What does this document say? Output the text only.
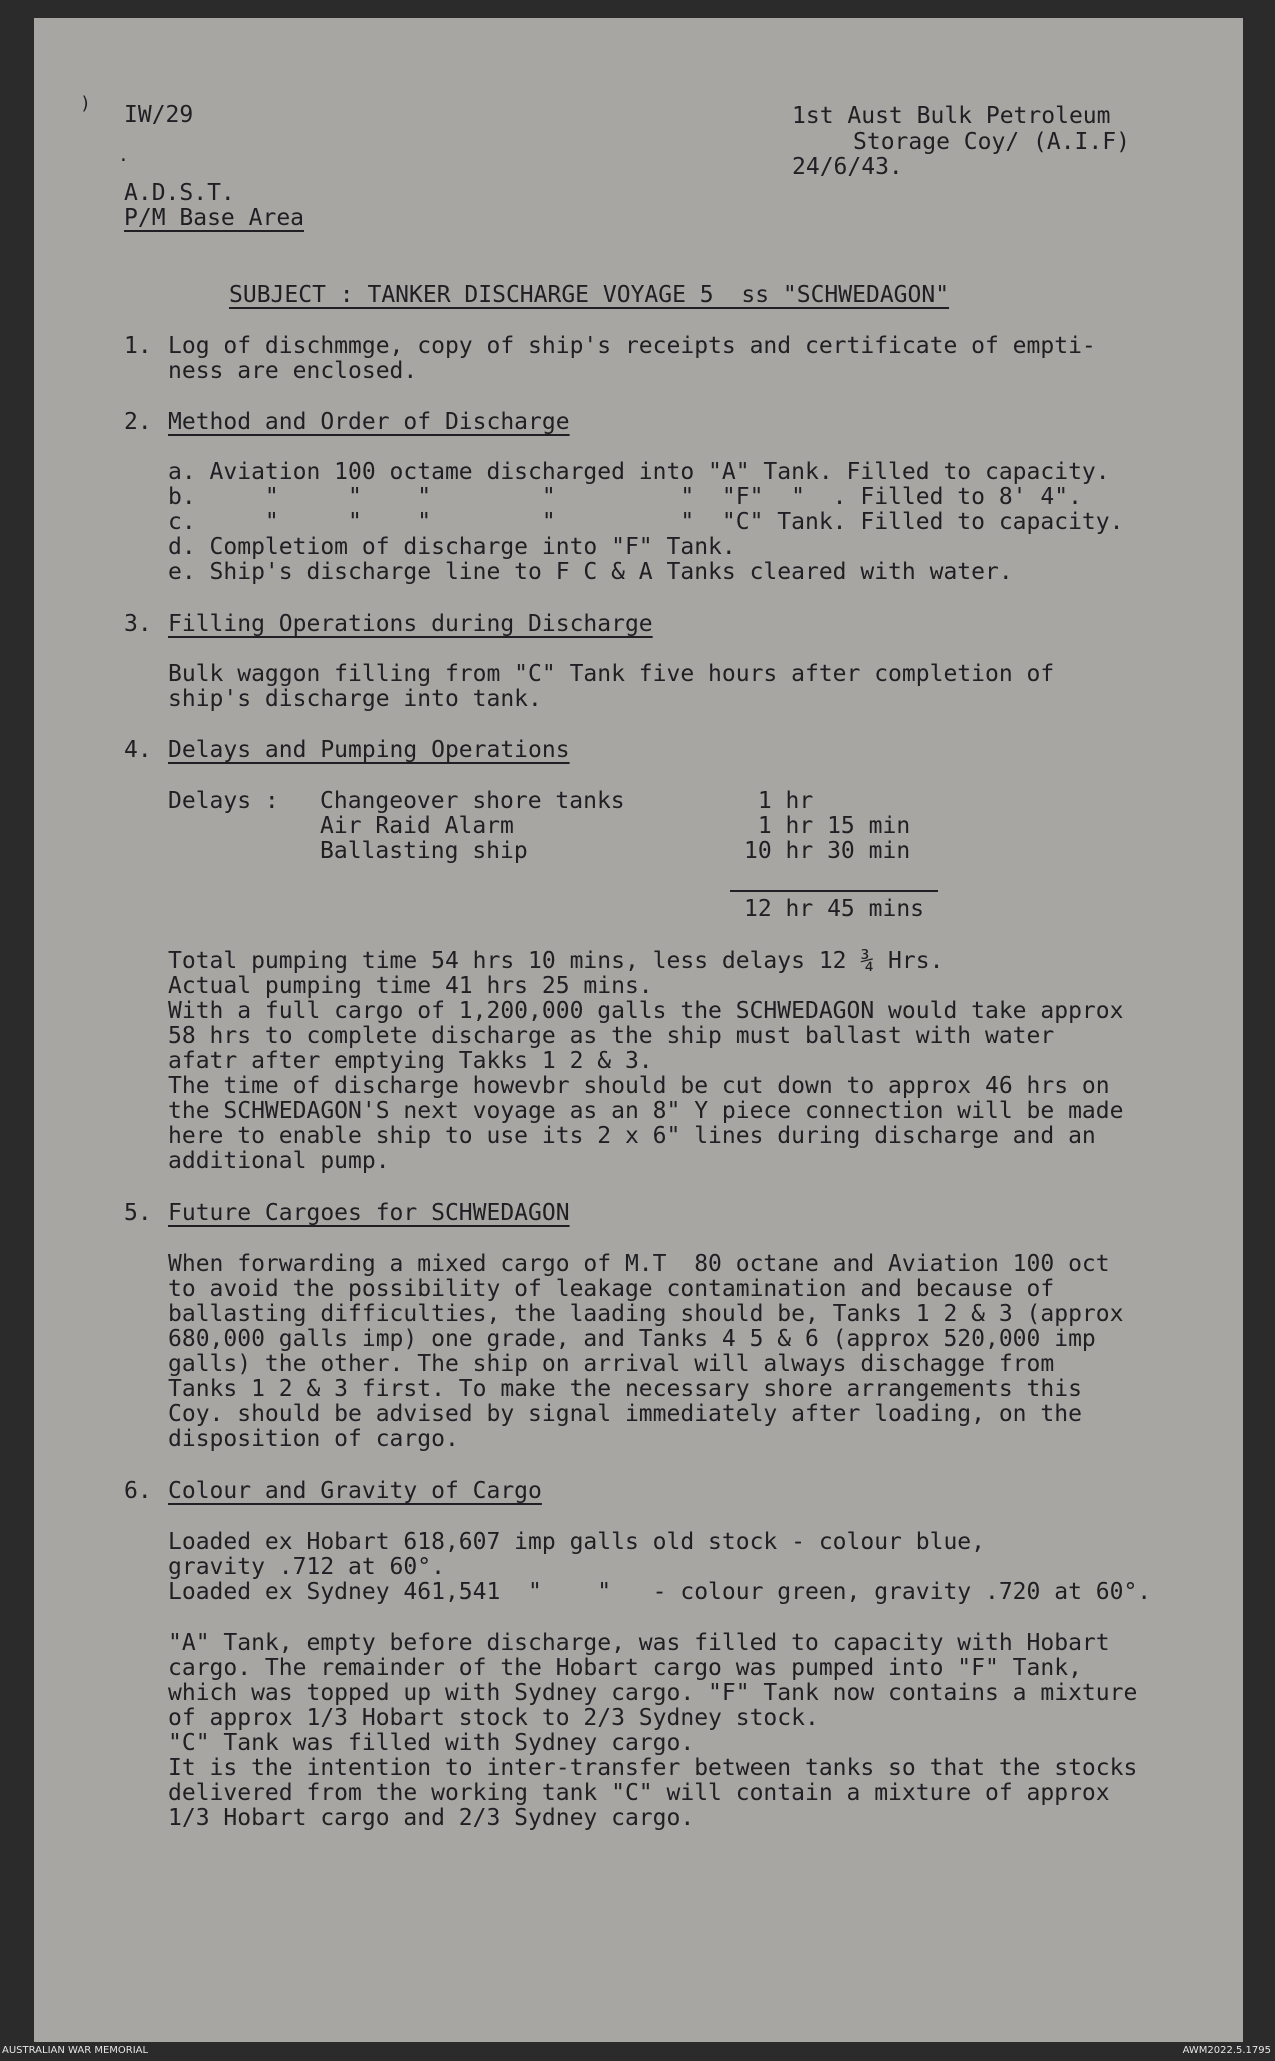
)
.
IW/29	1st Aust Bulk Petroleum
Storage Coy/ (A.I.F)
24/6/43.
A.D.S.T.
P/M Base Area
SUBJECT : TANKER DISCHARGE VOYAGE 5  ss "SCHWEDAGON"
1. Log of dischmmge, copy of ship's receipts and certificate of empti-
ness are enclosed.
2. Method and Order of Discharge
a. Aviation 100 octame discharged into "A" Tank. Filled to capacity.
b.     "     "    "        "         "  "F"  "  . Filled to 8' 4".
c.     "     "    "        "         "  "C" Tank. Filled to capacity.
d. Completiom of discharge into "F" Tank.
e. Ship's discharge line to F C & A Tanks cleared with water.
3. Filling Operations during Discharge
Bulk waggon filling from "C" Tank five hours after completion of
ship's discharge into tank.
4. Delays and Pumping Operations
Delays : Changeover shore tanks	1 hr
Air Raid Alarm	1 hr 15 min
Ballasting ship	10 hr 30 min
12 hr 45 mins
Total pumping time 54 hrs 10 mins, less delays 12 ¾ Hrs.
Actual pumping time 41 hrs 25 mins.
With a full cargo of 1,200,000 galls the SCHWEDAGON would take approx
58 hrs to complete discharge as the ship must ballast with water
afatr after emptying Takks 1 2 & 3.
The time of discharge howevbr should be cut down to approx 46 hrs on
the SCHWEDAGON'S next voyage as an 8" Y piece connection will be made
here to enable ship to use its 2 x 6" lines during discharge and an
additional pump.
5. Future Cargoes for SCHWEDAGON
When forwarding a mixed cargo of M.T  80 octane and Aviation 100 oct
to avoid the possibility of leakage contamination and because of
ballasting difficulties, the laading should be, Tanks 1 2 & 3 (approx
680,000 galls imp) one grade, and Tanks 4 5 & 6 (approx 520,000 imp
galls) the other. The ship on arrival will always dischagge from
Tanks 1 2 & 3 first. To make the necessary shore arrangements this
Coy. should be advised by signal immediately after loading, on the
disposition of cargo.
6. Colour and Gravity of Cargo
Loaded ex Hobart 618,607 imp galls old stock - colour blue,
gravity .712 at 60°.
Loaded ex Sydney 461,541  "    "   - colour green, gravity .720 at 60°.
"A" Tank, empty before discharge, was filled to capacity with Hobart
cargo. The remainder of the Hobart cargo was pumped into "F" Tank,
which was topped up with Sydney cargo. "F" Tank now contains a mixture
of approx 1/3 Hobart stock to 2/3 Sydney stock.
"C" Tank was filled with Sydney cargo.
It is the intention to inter-transfer between tanks so that the stocks
delivered from the working tank "C" will contain a mixture of approx
1/3 Hobart cargo and 2/3 Sydney cargo.
AUSTRALIAN WAR MEMORIAL	AWM2022.5.1795
